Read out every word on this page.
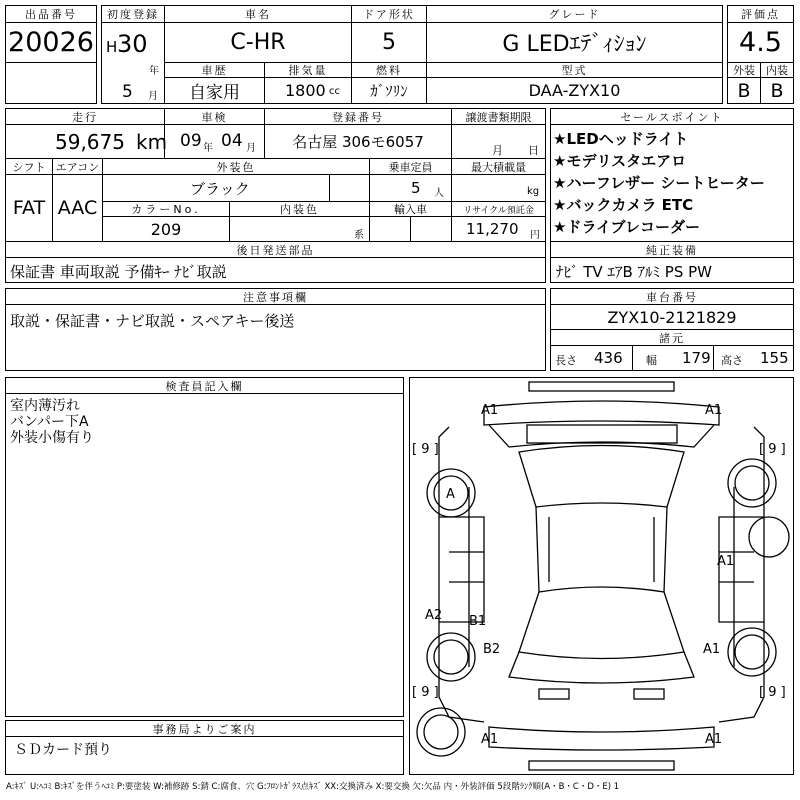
出品番号
20026
初度登録
H 30
年
5 月
車名
C-HR
ドア形状
5
グレード
G LEDｴﾃﾞｨｼｮﾝ
評価点
4.5
車歴
自家用
排気量
1800 cc
燃料
ｶﾞｿﾘﾝ
型式
DAA-ZYX10
外装
B
内装
B
走行
59,675 km
車検
09 年 04 月
登録番号
名古屋 306モ6057
譲渡書類期限
月 日
シフト
FAT
エアコン
AAC
外装色
ブラック
乗車定員
5 人
最大積載量
kg
カラーNo.
209
内装色
系
輸入車	リサイクル預託金
11,270 円
セールスポイント
★LEDヘッドライト
★モデリスタエアロ
★ハーフレザー シートヒーター
★バックカメラ ETC
★ドライブレコーダー
後日発送部品
保証書 車両取説 予備ｷｰ ﾅﾋﾞ取説
純正装備
ﾅﾋﾞ TV ｴｱB ｱﾙﾐ PS PW
注意事項欄
取説・保証書・ナビ取説・スペアキー後送
車台番号
ZYX10-2121829
諸元
長さ 436 幅 179 高さ 155
検査員記入欄
室内薄汚れ
バンパー下A
外装小傷有り
事務局よりご案内
ＳＤカード預り
A1	A1
[ 9 ]	[ 9 ]
A
A1
A2 B1
B2	A1
[ 9 ]	[ 9 ]
A1	A1
A:ｷｽﾞ U:ﾍｺﾐ B:ｷｽﾞを伴うﾍｺﾐ P:要塗装 W:補修跡 S:錆 C:腐食、穴 G:ﾌﾛﾝﾄｶﾞﾗｽ点ｷｽﾞ XX:交換済み X:要交換 欠:欠品 内・外装評価 5段階ﾗﾝｸ順(A・B・C・D・E) 1
